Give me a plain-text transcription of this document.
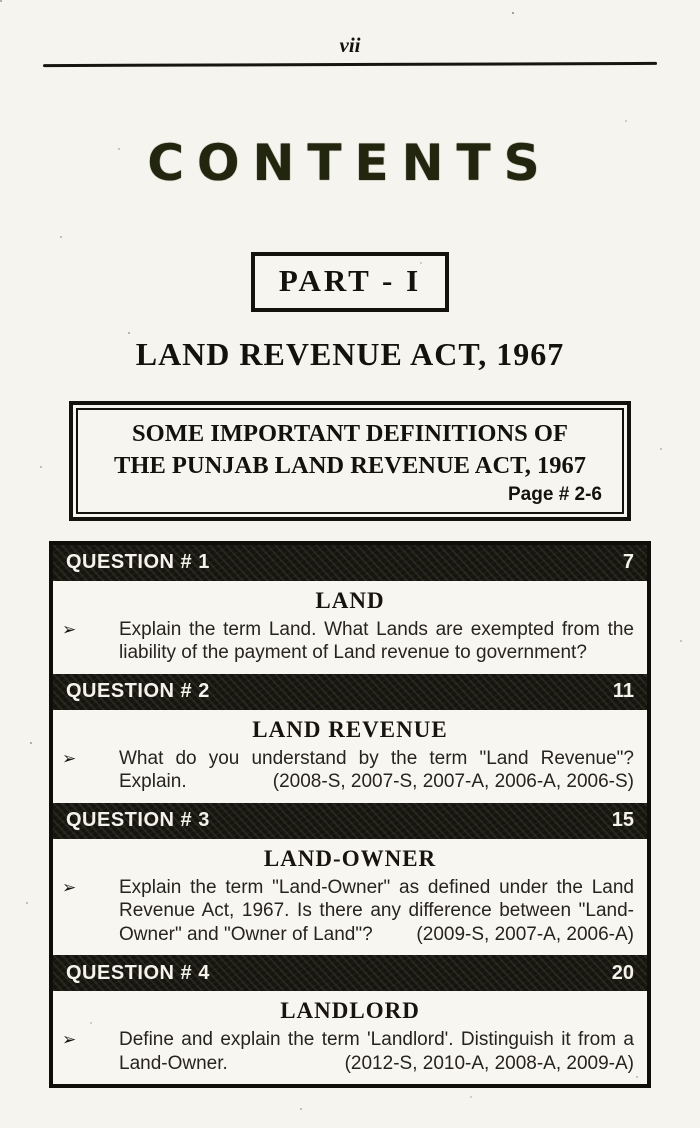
vii
CONTENTS
PART - I
LAND REVENUE ACT, 1967
SOME IMPORTANT DEFINITIONS OF
THE PUNJAB LAND REVENUE ACT, 1967
Page # 2-6
QUESTION # 1	7
LAND
➢	Explain the term Land. What Lands are exempted from the
liability of the payment of Land revenue to government?
QUESTION # 2	11
LAND REVENUE
➢	What do you understand by the term "Land Revenue"?
Explain.	(2008-S, 2007-S, 2007-A, 2006-A, 2006-S)
QUESTION # 3	15
LAND-OWNER
➢	Explain the term "Land-Owner" as defined under the Land
Revenue Act, 1967. Is there any difference between "Land-
Owner" and "Owner of Land"? (2009-S, 2007-A, 2006-A)
QUESTION # 4	20
LANDLORD
➢	Define and explain the term 'Landlord'. Distinguish it from a
Land-Owner.	(2012-S, 2010-A, 2008-A, 2009-A)
